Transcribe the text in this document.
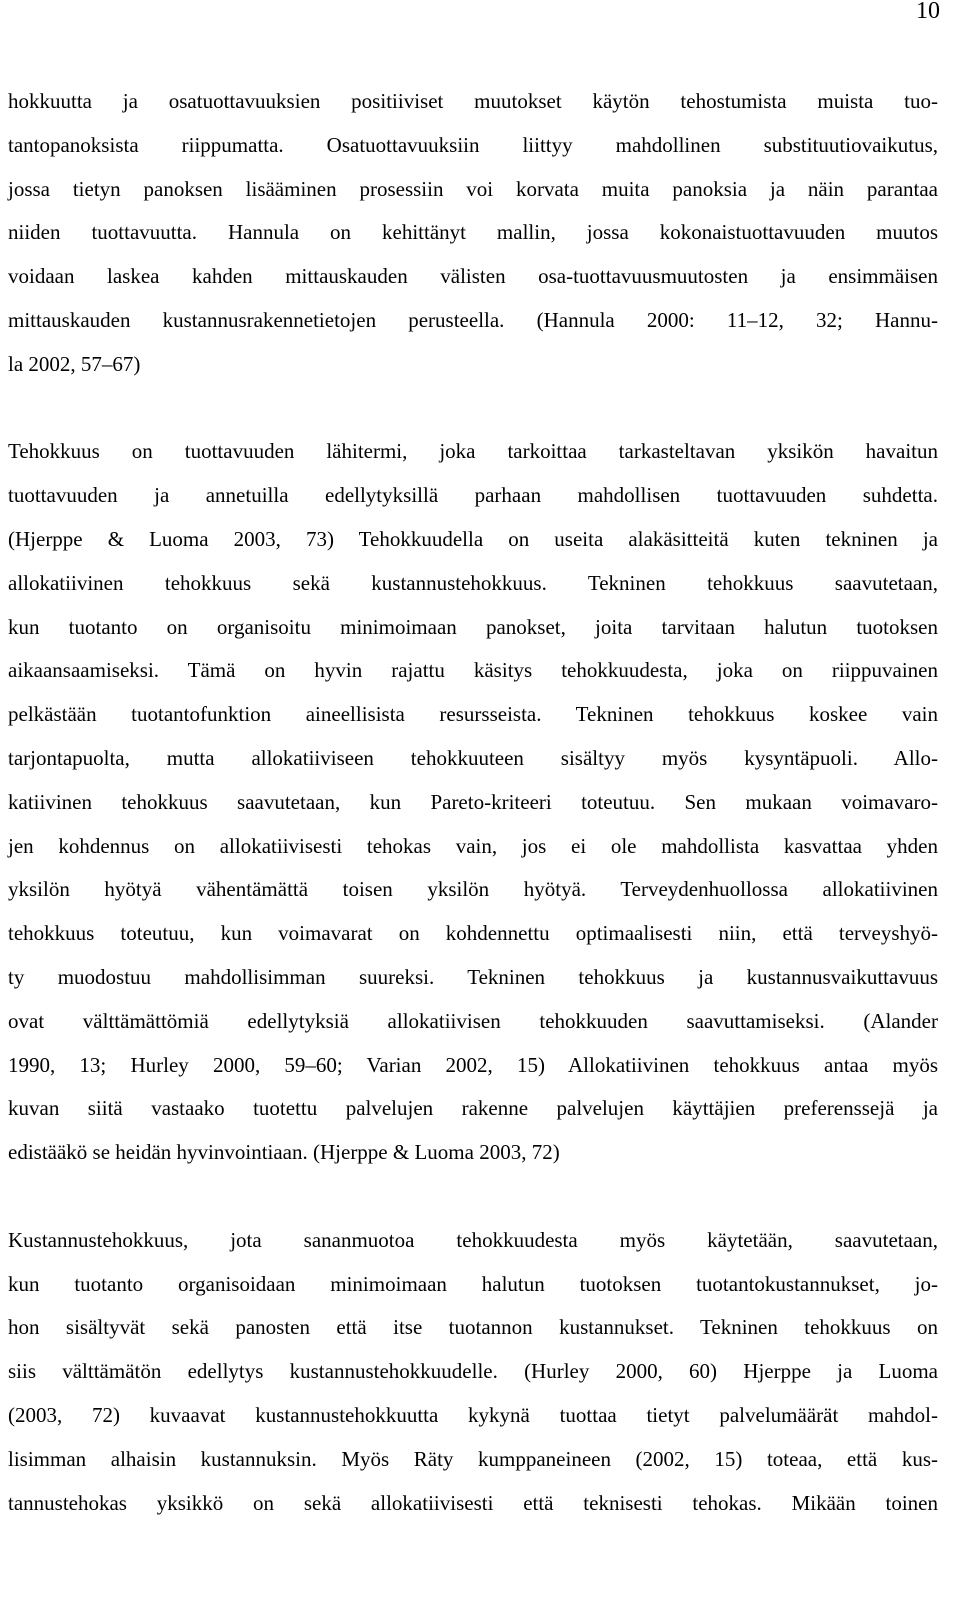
10

hokkuutta ja osatuottavuuksien positiiviset muutokset käytön tehostumista muista tuo-
tantopanoksista riippumatta. Osatuottavuuksiin liittyy mahdollinen substituutiovaikutus,
jossa tietyn panoksen lisääminen prosessiin voi korvata muita panoksia ja näin parantaa
niiden tuottavuutta. Hannula on kehittänyt mallin, jossa kokonaistuottavuuden muutos
voidaan laskea kahden mittauskauden välisten osa-tuottavuusmuutosten ja ensimmäisen
mittauskauden kustannusrakennetietojen perusteella. (Hannula 2000: 11–12, 32; Hannu-
la 2002, 57–67)

Tehokkuus on tuottavuuden lähitermi, joka tarkoittaa tarkasteltavan yksikön havaitun
tuottavuuden ja annetuilla edellytyksillä parhaan mahdollisen tuottavuuden suhdetta.
(Hjerppe & Luoma 2003, 73) Tehokkuudella on useita alakäsitteitä kuten tekninen ja
allokatiivinen tehokkuus sekä kustannustehokkuus. Tekninen tehokkuus saavutetaan,
kun tuotanto on organisoitu minimoimaan panokset, joita tarvitaan halutun tuotoksen
aikaansaamiseksi. Tämä on hyvin rajattu käsitys tehokkuudesta, joka on riippuvainen
pelkästään tuotantofunktion aineellisista resursseista. Tekninen tehokkuus koskee vain
tarjontapuolta, mutta allokatiiviseen tehokkuuteen sisältyy myös kysyntäpuoli. Allo-
katiivinen tehokkuus saavutetaan, kun Pareto-kriteeri toteutuu. Sen mukaan voimavaro-
jen kohdennus on allokatiivisesti tehokas vain, jos ei ole mahdollista kasvattaa yhden
yksilön hyötyä vähentämättä toisen yksilön hyötyä. Terveydenhuollossa allokatiivinen
tehokkuus toteutuu, kun voimavarat on kohdennettu optimaalisesti niin, että terveyshyö-
ty muodostuu mahdollisimman suureksi. Tekninen tehokkuus ja kustannusvaikuttavuus
ovat välttämättömiä edellytyksiä allokatiivisen tehokkuuden saavuttamiseksi. (Alander
1990, 13; Hurley 2000, 59–60; Varian 2002, 15) Allokatiivinen tehokkuus antaa myös
kuvan siitä vastaako tuotettu palvelujen rakenne palvelujen käyttäjien preferenssejä ja
edistääkö se heidän hyvinvointiaan. (Hjerppe & Luoma 2003, 72)

Kustannustehokkuus, jota sananmuotoa tehokkuudesta myös käytetään, saavutetaan,
kun tuotanto organisoidaan minimoimaan halutun tuotoksen tuotantokustannukset, jo-
hon sisältyvät sekä panosten että itse tuotannon kustannukset. Tekninen tehokkuus on
siis välttämätön edellytys kustannustehokkuudelle. (Hurley 2000, 60) Hjerppe ja Luoma
(2003, 72) kuvaavat kustannustehokkuutta kykynä tuottaa tietyt palvelumäärät mahdol-
lisimman alhaisin kustannuksin. Myös Räty kumppaneineen (2002, 15) toteaa, että kus-
tannustehokas yksikkö on sekä allokatiivisesti että teknisesti tehokas. Mikään toinen
